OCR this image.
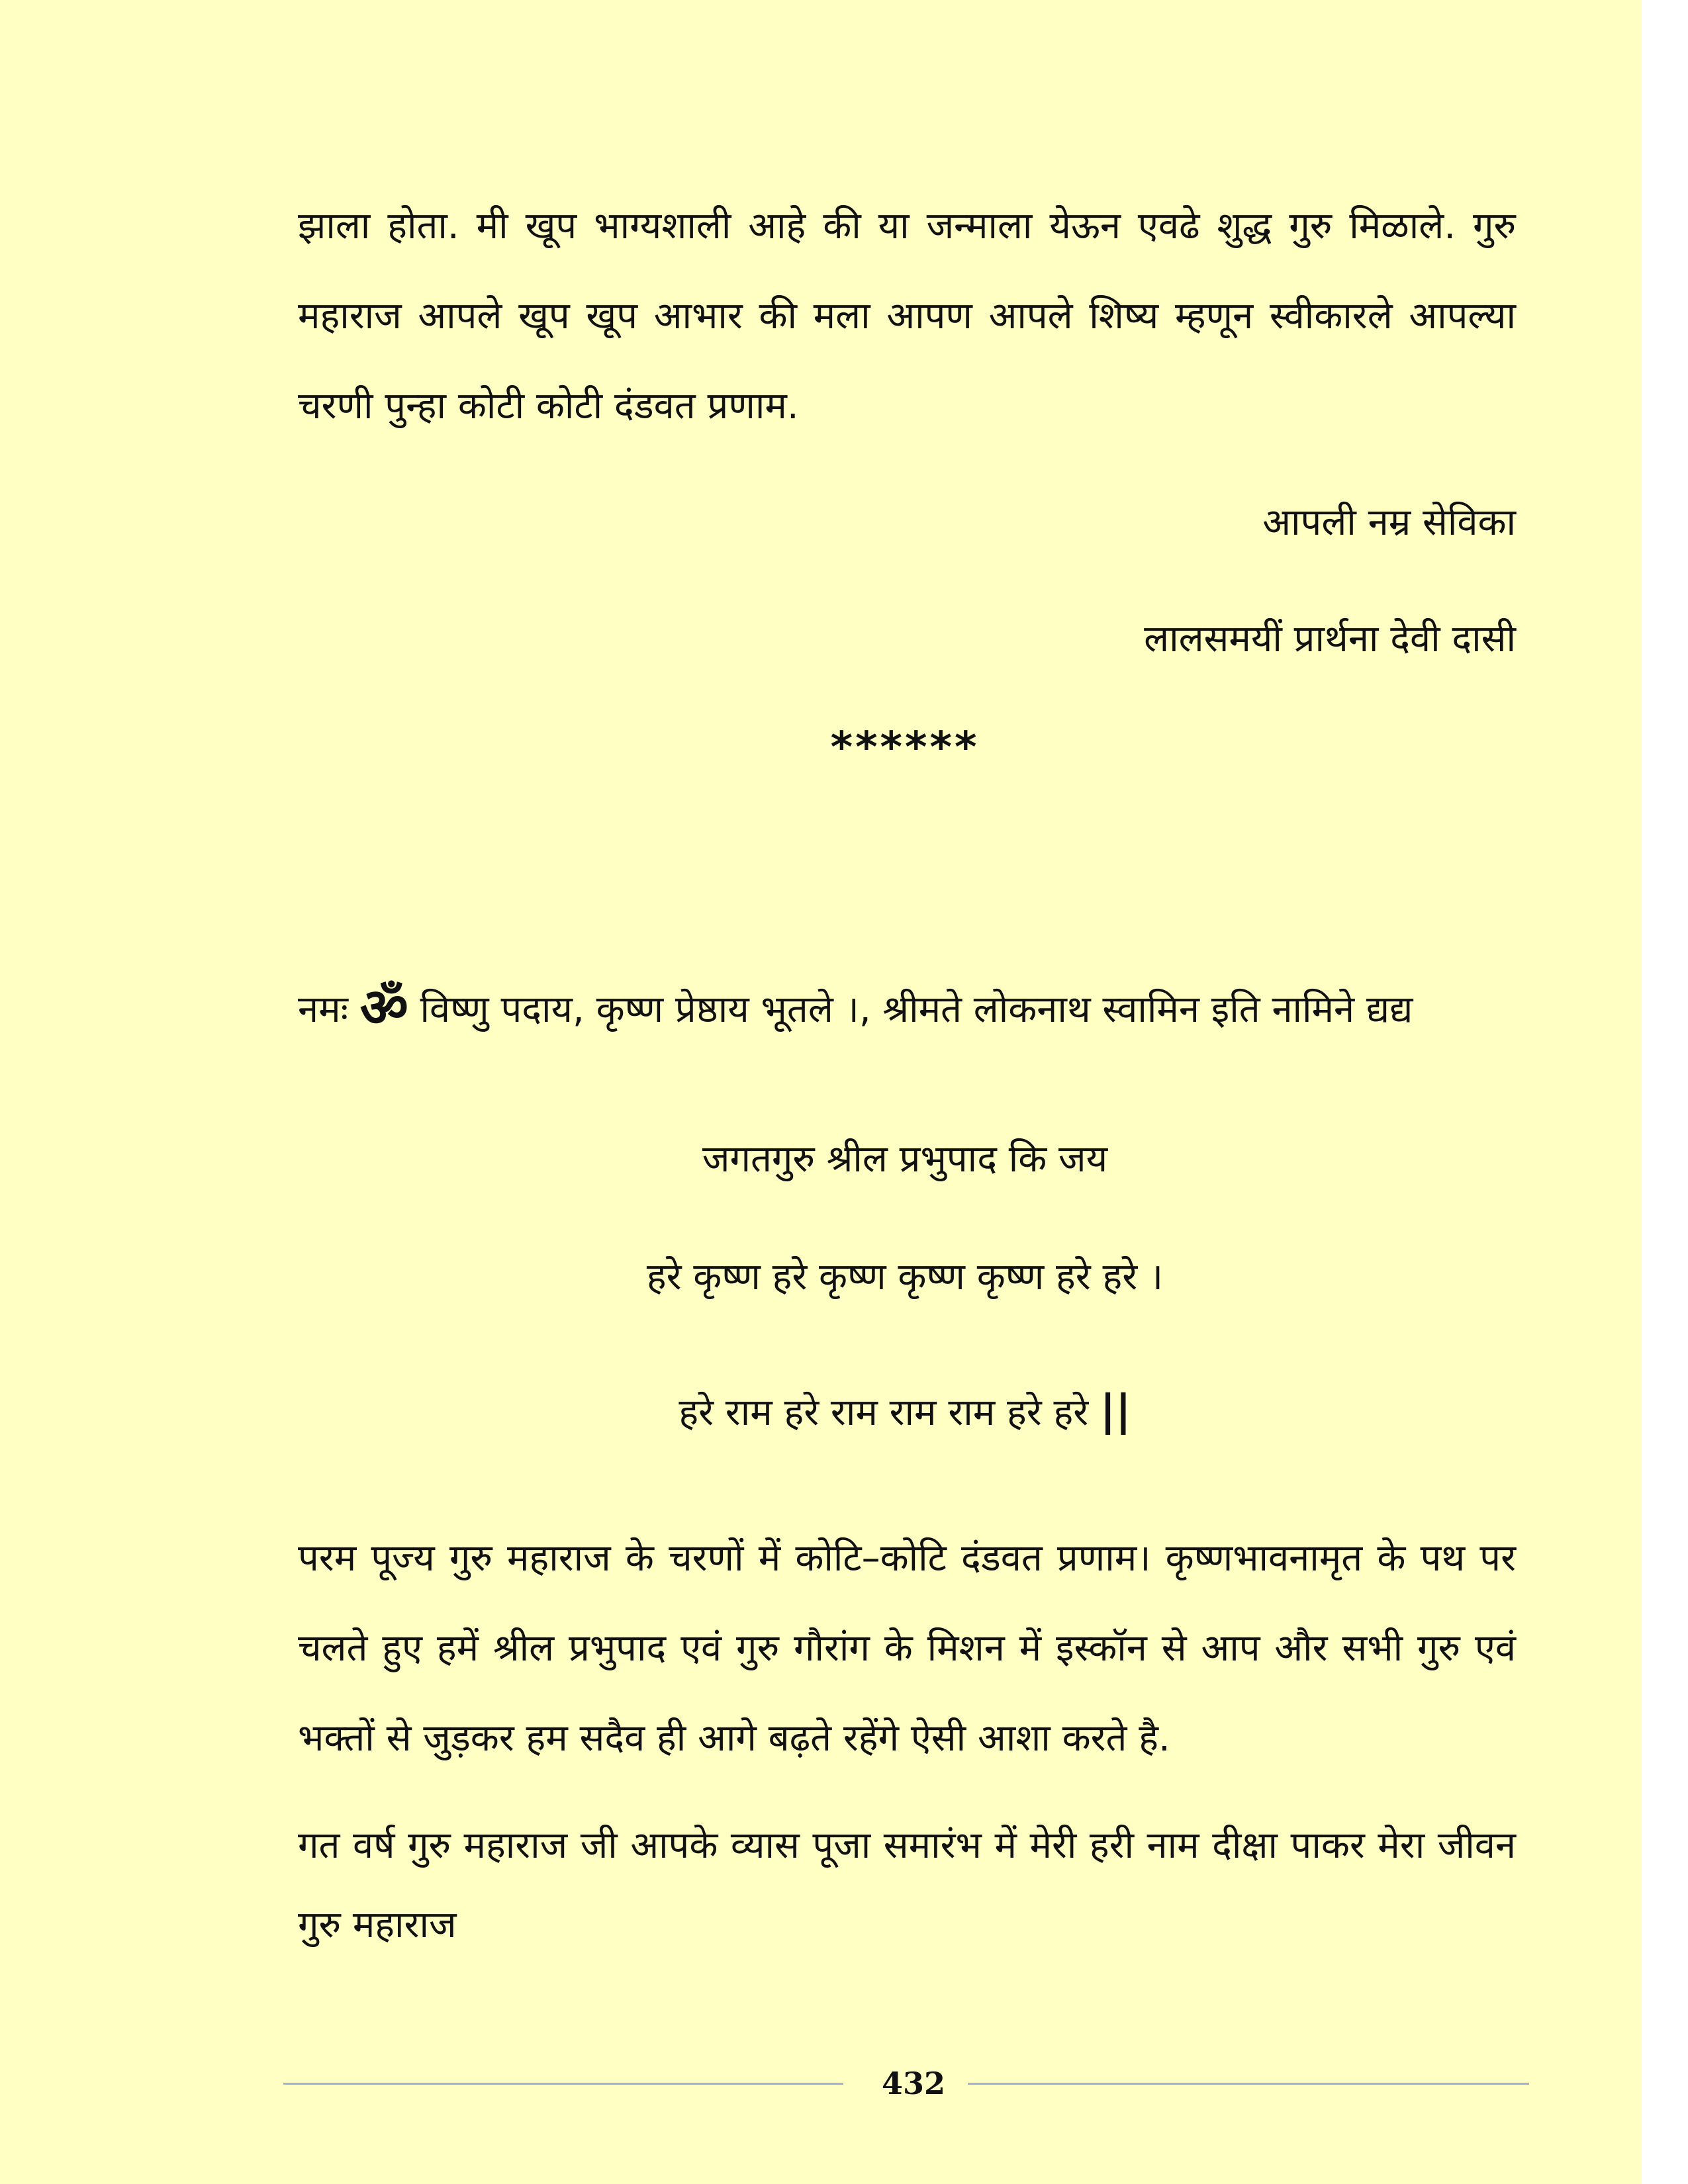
झाला होता. मी खूप भाग्यशाली आहे की या जन्माला येऊन एवढे शुद्ध गुरु मिळाले. गुरु महाराज आपले खूप खूप आभार की मला आपण आपले शिष्य म्हणून स्वीकारले आपल्या चरणी पुन्हा कोटी कोटी दंडवत प्रणाम.

आपली नम्र सेविका

लालसमयीं प्रार्थना देवी दासी

******

नमः ॐ विष्णु पदाय, कृष्ण प्रेष्ठाय भूतले ।, श्रीमते लोकनाथ स्वामिन इति नामिने द्यद्य

जगतगुरु श्रील प्रभुपाद कि जय

हरे कृष्ण हरे कृष्ण कृष्ण कृष्ण हरे हरे ।

हरे राम हरे राम राम राम हरे हरे ||

परम पूज्य गुरु महाराज के चरणों में कोटि–कोटि दंडवत प्रणाम। कृष्णभावनामृत के पथ पर चलते हुए हमें श्रील प्रभुपाद एवं गुरु गौरांग के मिशन में इस्कॉन से आप और सभी गुरु एवं भक्तों से जुड़कर हम सदैव ही आगे बढ़ते रहेंगे ऐसी आशा करते है.

गत वर्ष गुरु महाराज जी आपके व्यास पूजा समारंभ में मेरी हरी नाम दीक्षा पाकर मेरा जीवन गुरु महाराज

432
